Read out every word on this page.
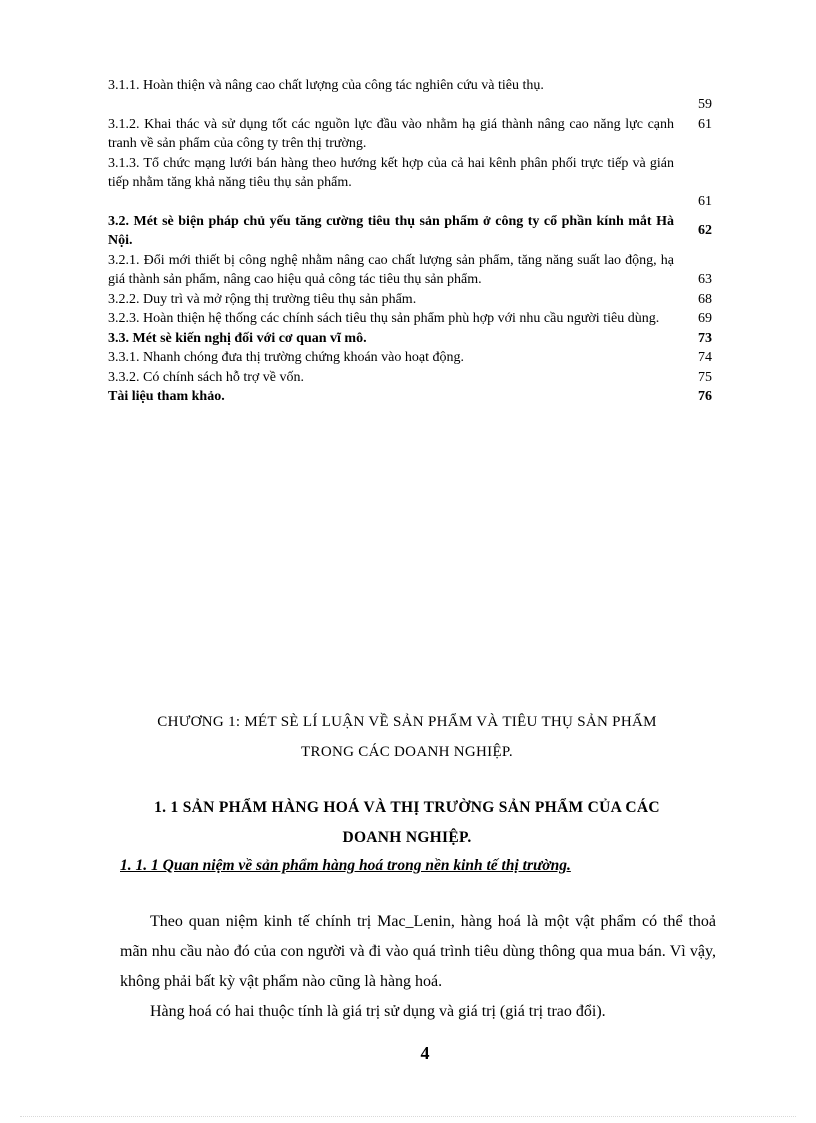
3.1.1. Hoàn thiện và nâng cao chất lượng của công tác nghiên cứu và tiêu thụ.
59
3.1.2. Khai thác và sử dụng tốt các nguồn lực đầu vào nhằm hạ giá thành nâng cao năng lực cạnh tranh về sản phẩm của công ty trên thị trường.
61
3.1.3. Tổ chức mạng lưới bán hàng theo hướng kết hợp của cả hai kênh phân phối trực tiếp và gián tiếp nhằm tăng khả năng tiêu thụ sản phẩm.
61
3.2. Mét sè biện pháp chủ yếu tăng cường tiêu thụ sản phẩm ở công ty cổ phần kính mắt Hà Nội.
62
3.2.1. Đổi mới thiết bị công nghệ nhằm nâng cao chất lượng sản phẩm, tăng năng suất lao động, hạ giá thành sản phẩm, nâng cao hiệu quả công tác tiêu thụ sản phẩm.	63
3.2.2. Duy trì và mở rộng thị trường tiêu thụ sản phẩm.	68
3.2.3. Hoàn thiện hệ thống các chính sách tiêu thụ sản phẩm phù hợp với nhu cầu người tiêu dùng.	69
3.3. Mét sè kiến nghị đối với cơ quan vĩ mô.	73
3.3.1. Nhanh chóng đưa thị trường chứng khoán vào hoạt động.	74
3.3.2. Có chính sách hỗ trợ về vốn.	75
Tài liệu tham khảo.	76
CHƯƠNG 1: MÉT SÈ LÍ LUẬN VỀ SẢN PHẨM VÀ TIÊU THỤ SẢN PHẨM
TRONG CÁC DOANH NGHIỆP.
1. 1 SẢN PHẨM HÀNG HOÁ VÀ THỊ TRƯỜNG SẢN PHẨM CỦA CÁC
DOANH NGHIỆP.
1. 1. 1 Quan niệm về sản phẩm hàng hoá trong nền kinh tế thị trường.
Theo quan niệm kinh tế chính trị Mac_Lenin, hàng hoá là một vật phẩm có thể thoả mãn nhu cầu nào đó của con người và đi vào quá trình tiêu dùng thông qua mua bán. Vì vậy, không phải bất kỳ vật phẩm nào cũng là hàng hoá.
Hàng hoá có hai thuộc tính là giá trị sử dụng và giá trị (giá trị trao đổi).
4
